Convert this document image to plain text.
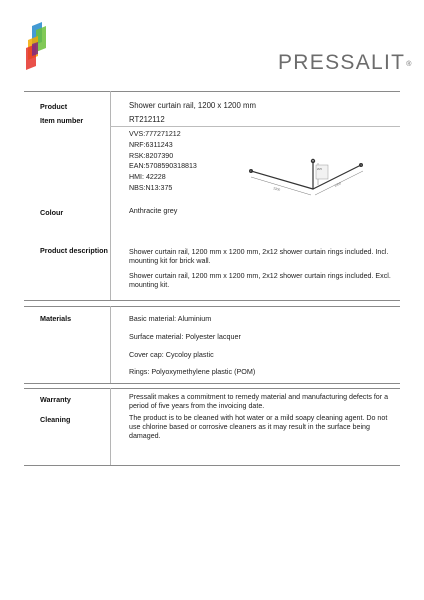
PRESSALIT®
Product	Shower curtain rail, 1200 x 1200 mm
Item number	RT212112
VVS:777271212
NRF:6311243
RSK:8207390
EAN:5708590318813
HMI: 42228
NBS:N13:375	1200
1200
Ø25
Colour	Anthracite grey
Product description	Shower curtain rail, 1200 mm x 1200 mm, 2x12 shower curtain rings included. Incl. mounting kit for brick wall.
Shower curtain rail, 1200 mm x 1200 mm, 2x12 shower curtain rings included. Excl. mounting kit.
Materials	Basic material: Aluminium
Surface material: Polyester lacquer
Cover cap: Cycoloy plastic
Rings: Polyoxymethylene plastic (POM)
Warranty	Pressalit makes a commitment to remedy material and manufacturing defects for a period of five years from the invoicing date.
Cleaning	The product is to be cleaned with hot water or a mild soapy cleaning agent. Do not use chlorine based or corrosive cleaners as it may result in the surface being damaged.
